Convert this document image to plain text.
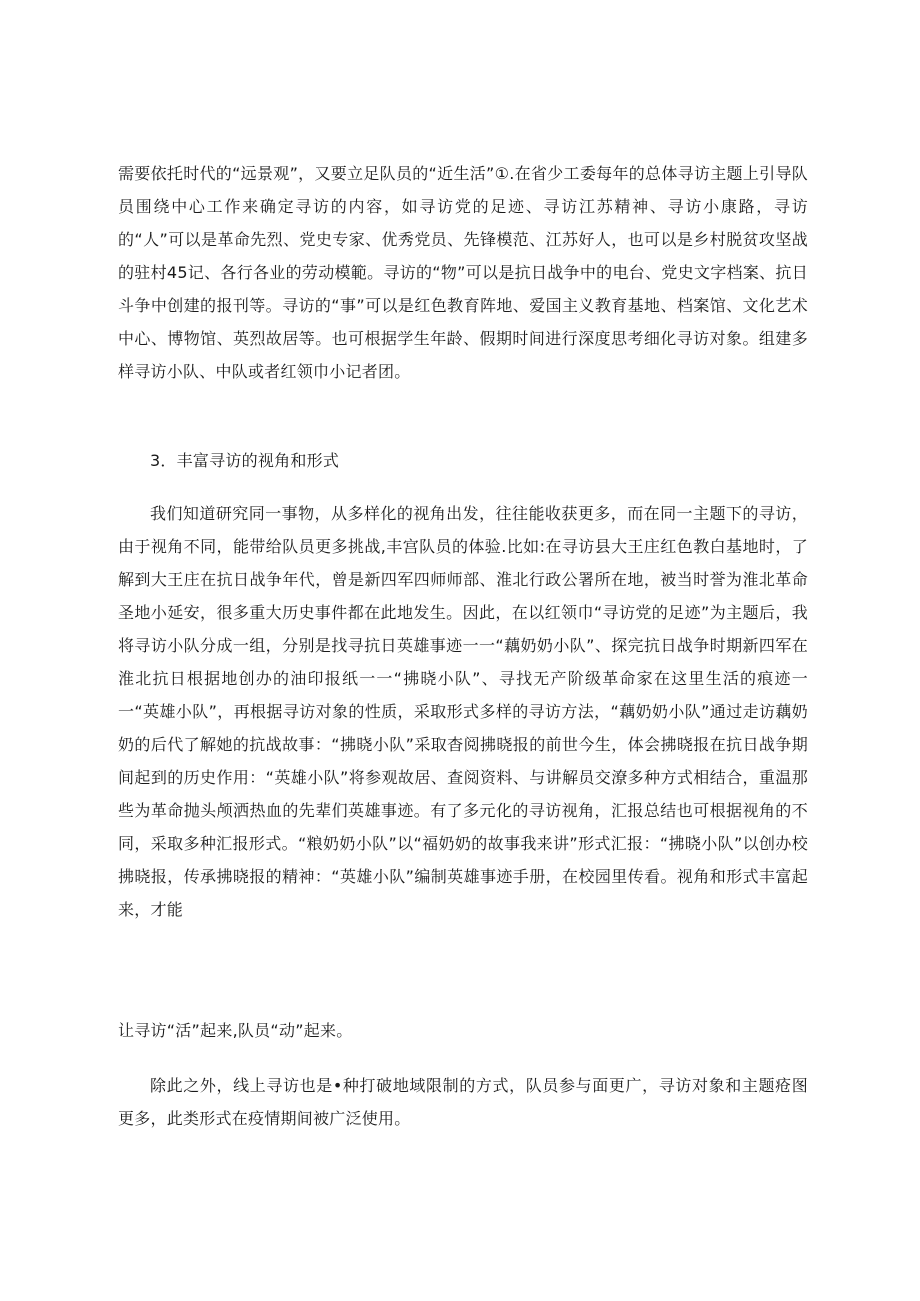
需要依托时代的“远景观”，又要立足队员的“近生活”①.在省少工委每年的总体寻访主题上引导队员围绕中心工作来确定寻访的内容，如寻访党的足迹、寻访江苏精神、寻访小康路，寻访的“人”可以是革命先烈、党史专家、优秀党员、先锋模范、江苏好人，也可以是乡村脱贫攻坚战的驻村45记、各行各业的劳动模範。寻访的“物”可以是抗日战争中的电台、党史文字档案、抗日斗争中创建的报刊等。寻访的“事”可以是红色教育阵地、爱国主义教育基地、档案馆、文化艺术中心、博物馆、英烈故居等。也可根据学生年龄、假期时间进行深度思考细化寻访对象。组建多样寻访小队、中队或者红领巾小记者团。

3．丰富寻访的视角和形式

我们知道研究同一事物，从多样化的视角出发，往往能收获更多，而在同一主题下的寻访，由于视角不同，能带给队员更多挑战,丰宫队员的体验.比如:在寻访县大王庄红色教白基地时，了解到大王庄在抗日战争年代，曾是新四军四师师部、淮北行政公署所在地，被当时誉为淮北革命圣地小延安，很多重大历史事件都在此地发生。因此，在以红领巾“寻访党的足迹”为主题后，我将寻访小队分成一组，分别是找寻抗日英雄事迹一一“藕奶奶小队”、探完抗日战争时期新四军在淮北抗日根据地创办的油印报纸一一“拂晓小队”、寻找无产阶级革命家在这里生活的痕迹一一“英雄小队”，再根据寻访对象的性质，采取形式多样的寻访方法，“藕奶奶小队”通过走访藕奶奶的后代了解她的抗战故事：“拂晓小队”采取杳阅拂晓报的前世今生，体会拂晓报在抗日战争期间起到的历史作用：“英雄小队”将参观故居、查阅资料、与讲解员交潦多种方式相结合，重温那些为革命抛头颅洒热血的先辈们英雄事迹。有了多元化的寻访视角，汇报总结也可根据视角的不同，采取多种汇报形式。“粮奶奶小队”以“福奶奶的故事我来讲”形式汇报：“拂晓小队”以创办校拂晓报，传承拂晓报的精神：“英雄小队”编制英雄事迹手册，在校园里传看。视角和形式丰富起来，才能

让寻访“活”起来,队员“动”起来。

除此之外，线上寻访也是•种打破地域限制的方式，队员参与面更广，寻访对象和主题疮图更多，此类形式在疫情期间被广泛使用。
